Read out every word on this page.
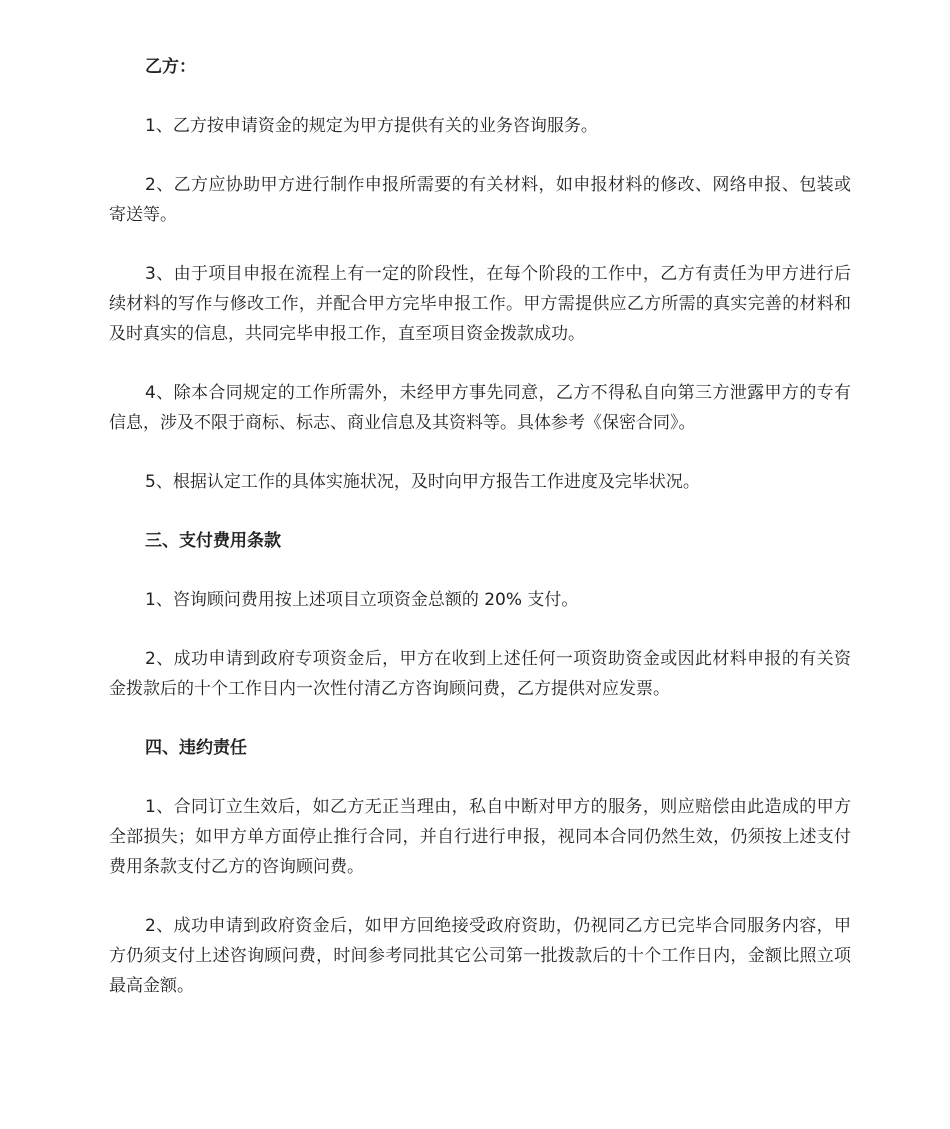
乙方：

1、乙方按申请资金的规定为甲方提供有关的业务咨询服务。

2、乙方应协助甲方进行制作申报所需要的有关材料，如申报材料的修改、网络申报、包装或寄送等。

3、由于项目申报在流程上有一定的阶段性，在每个阶段的工作中，乙方有责任为甲方进行后续材料的写作与修改工作，并配合甲方完毕申报工作。甲方需提供应乙方所需的真实完善的材料和及时真实的信息，共同完毕申报工作，直至项目资金拨款成功。

4、除本合同规定的工作所需外，未经甲方事先同意，乙方不得私自向第三方泄露甲方的专有信息，涉及不限于商标、标志、商业信息及其资料等。具体参考《保密合同》。

5、根据认定工作的具体实施状况，及时向甲方报告工作进度及完毕状况。

三、支付费用条款

1、咨询顾问费用按上述项目立项资金总额的 20% 支付。

2、成功申请到政府专项资金后，甲方在收到上述任何一项资助资金或因此材料申报的有关资金拨款后的十个工作日内一次性付清乙方咨询顾问费，乙方提供对应发票。

四、违约责任

1、合同订立生效后，如乙方无正当理由，私自中断对甲方的服务，则应赔偿由此造成的甲方全部损失；如甲方单方面停止推行合同，并自行进行申报，视同本合同仍然生效，仍须按上述支付费用条款支付乙方的咨询顾问费。

2、成功申请到政府资金后，如甲方回绝接受政府资助，仍视同乙方已完毕合同服务内容，甲方仍须支付上述咨询顾问费，时间参考同批其它公司第一批拨款后的十个工作日内，金额比照立项最高金额。
